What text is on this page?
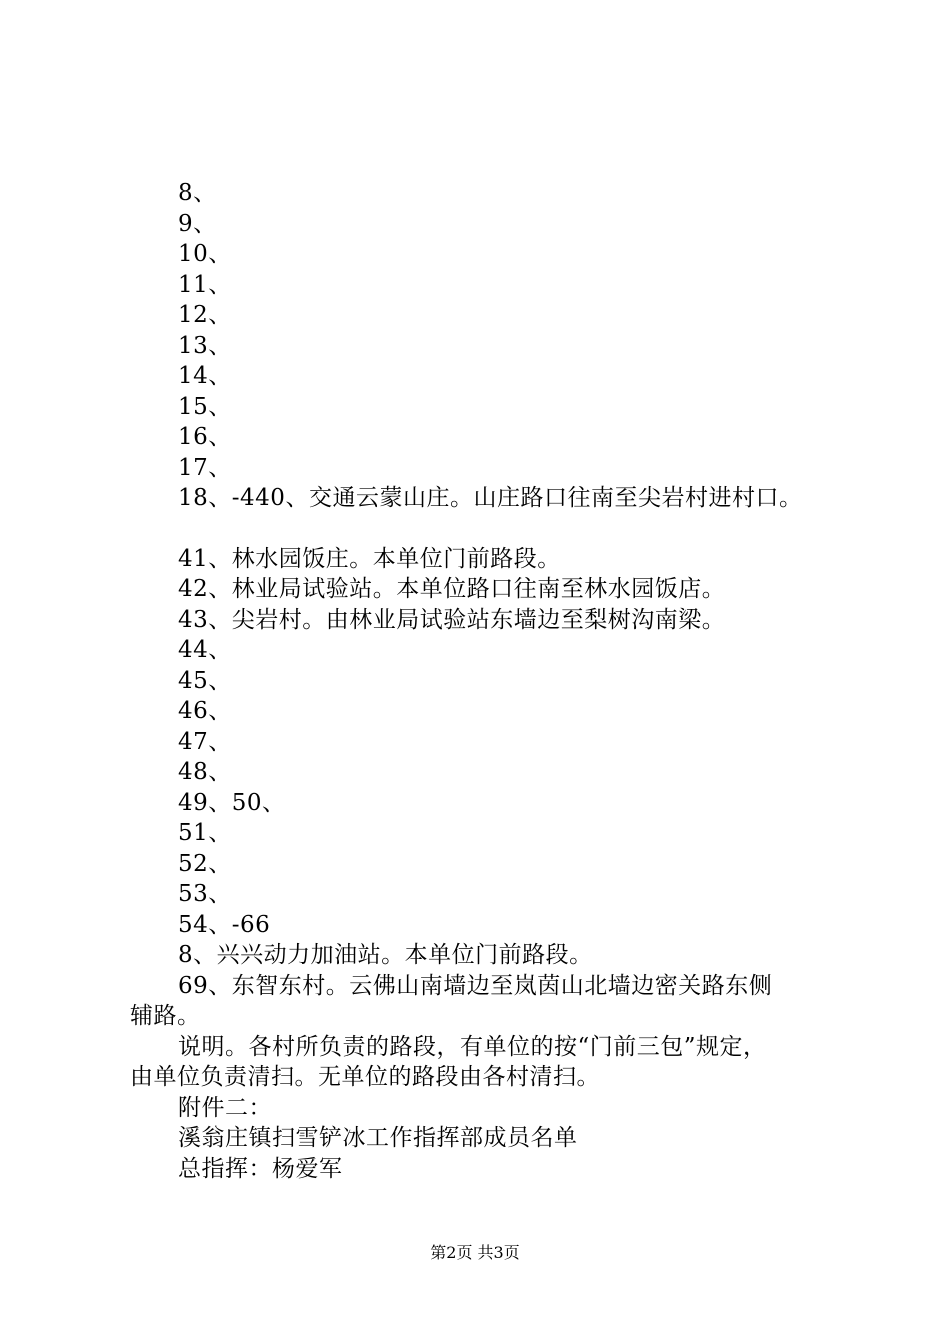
8、
9、
10、
11、
12、
13、
14、
15、
16、
17、
18、-440、交通云蒙山庄。山庄路口往南至尖岩村进村口。
41、林水园饭庄。本单位门前路段。
42、林业局试验站。本单位路口往南至林水园饭店。
43、尖岩村。由林业局试验站东墙边至梨树沟南梁。
44、
45、
46、
47、
48、
49、50、
51、
52、
53、
54、-66
8、兴兴动力加油站。本单位门前路段。
69、东智东村。云佛山南墙边至岚茵山北墙边密关路东侧
辅路。
说明。各村所负责的路段，有单位的按“门前三包”规定，
由单位负责清扫。无单位的路段由各村清扫。
附件二：
溪翁庄镇扫雪铲冰工作指挥部成员名单
总指挥：杨爱军
第2页 共3页
